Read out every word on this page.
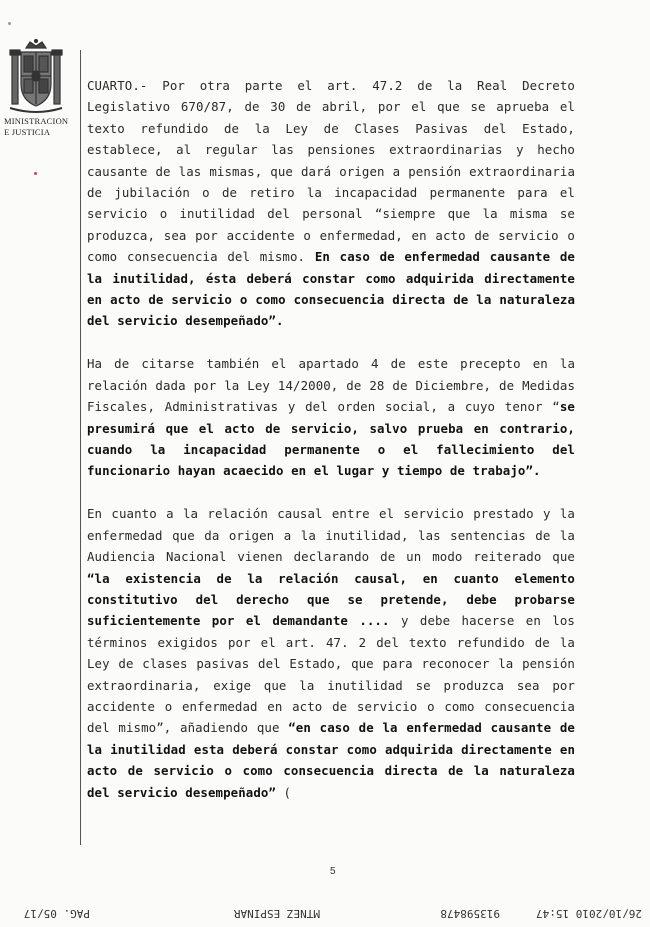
MINISTRACION
E JUSTICIA

CUARTO.- Por otra parte el art. 47.2 de la Real Decreto Legislativo 670/87, de 30 de abril, por el que se aprueba el texto refundido de la Ley de Clases Pasivas del Estado, establece, al regular las pensiones extraordinarias y hecho causante de las mismas, que dará origen a pensión extraordinaria de jubilación o de retiro la incapacidad permanente para el servicio o inutilidad del personal “siempre que la misma se produzca, sea por accidente o enfermedad, en acto de servicio o como consecuencia del mismo. En caso de enfermedad causante de la inutilidad, ésta deberá constar como adquirida directamente en acto de servicio o como consecuencia directa de la naturaleza del servicio desempeñado”.

Ha de citarse también el apartado 4 de este precepto en la relación dada por la Ley 14/2000, de 28 de Diciembre, de Medidas Fiscales, Administrativas y del orden social, a cuyo tenor “se presumirá que el acto de servicio, salvo prueba en contrario, cuando la incapacidad permanente o el fallecimiento del funcionario hayan acaecido en el lugar y tiempo de trabajo”.

En cuanto a la relación causal entre el servicio prestado y la enfermedad que da origen a la inutilidad, las sentencias de la Audiencia Nacional vienen declarando de un modo reiterado que “la existencia de la relación causal, en cuanto elemento constitutivo del derecho que se pretende, debe probarse suficientemente por el demandante .... y debe hacerse en los términos exigidos por el art. 47. 2 del texto refundido de la Ley de clases pasivas del Estado, que para reconocer la pensión extraordinaria, exige que la inutilidad se produzca sea por accidente o enfermedad en acto de servicio o como consecuencia del mismo”, añadiendo que “en caso de la enfermedad causante de la inutilidad esta deberá constar como adquirida directamente en acto de servicio o como consecuencia directa de la naturaleza del servicio desempeñado” (

5
26/10/2010 15:47
913598478
MTNEZ ESPINAR
PAG. 05/17
